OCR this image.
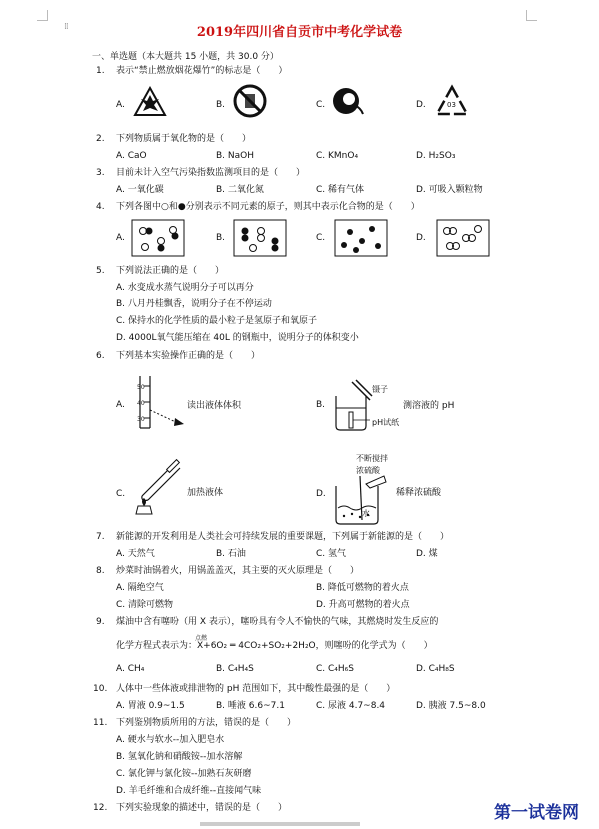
⁞⁞	2019年四川省自贡市中考化学试卷
一、单选题（本大题共 15 小题，共 30.0 分）
1. 表示“禁止燃放烟花爆竹”的标志是（　　）
A.	B.	C.	D.	03
2. 下列物质属于氧化物的是（　　）
A. CaO	B. NaOH	C. KMnO₄	D. H₂SO₃
3. 目前未计入空气污染指数监测项目的是（　　）
A. 一氧化碳	B. 二氧化氮	C. 稀有气体	D. 可吸入颗粒物
4. 下列各图中○和●分别表示不同元素的原子，则其中表示化合物的是（　　）
A.	B.	C.	D.
5. 下列说法正确的是（　　）
A. 水变成水蒸气说明分子可以再分
B. 八月丹桂飘香，说明分子在不停运动
C. 保持水的化学性质的最小粒子是氢原子和氧原子
D. 4000L氧气能压缩在 40L 的钢瓶中，说明分子的体积变小
6. 下列基本实验操作正确的是（　　）
A.
50
40
30
读出液体体积	B.
镊子
pH试纸
测溶液的 pH
C.	加热液体	D.
不断搅拌
浓硫酸
水
稀释浓硫酸
7. 新能源的开发利用是人类社会可持续发展的重要课题，下列属于新能源的是（　　）
A. 天然气	B. 石油	C. 氢气	D. 煤
8. 炒菜时油锅着火，用锅盖盖灭，其主要的灭火原理是（　　）
A. 隔绝空气	B. 降低可燃物的着火点
C. 清除可燃物	D. 升高可燃物的着火点
9. 煤油中含有噻吩（用 X 表示），噻吩具有令人不愉快的气味，其燃烧时发生反应的
点燃
化学方程式表示为：X+6O₂ ═ 4CO₂+SO₂+2H₂O，则噻吩的化学式为（　　）
A. CH₄	B. C₄H₄S	C. C₄H₆S	D. C₄H₈S
10. 人体中一些体液或排泄物的 pH 范围如下，其中酸性最强的是（　　）
A. 胃液 0.9~1.5	B. 唾液 6.6~7.1	C. 尿液 4.7~8.4	D. 胰液 7.5~8.0
11. 下列鉴别物质所用的方法，错误的是（　　）
A. 硬水与软水--加入肥皂水
B. 氢氧化钠和硝酸铵--加水溶解
C. 氯化钾与氯化铵--加熟石灰研磨
D. 羊毛纤维和合成纤维--直接闻气味
12. 下列实验现象的描述中，错误的是（　　）	第一试卷网
